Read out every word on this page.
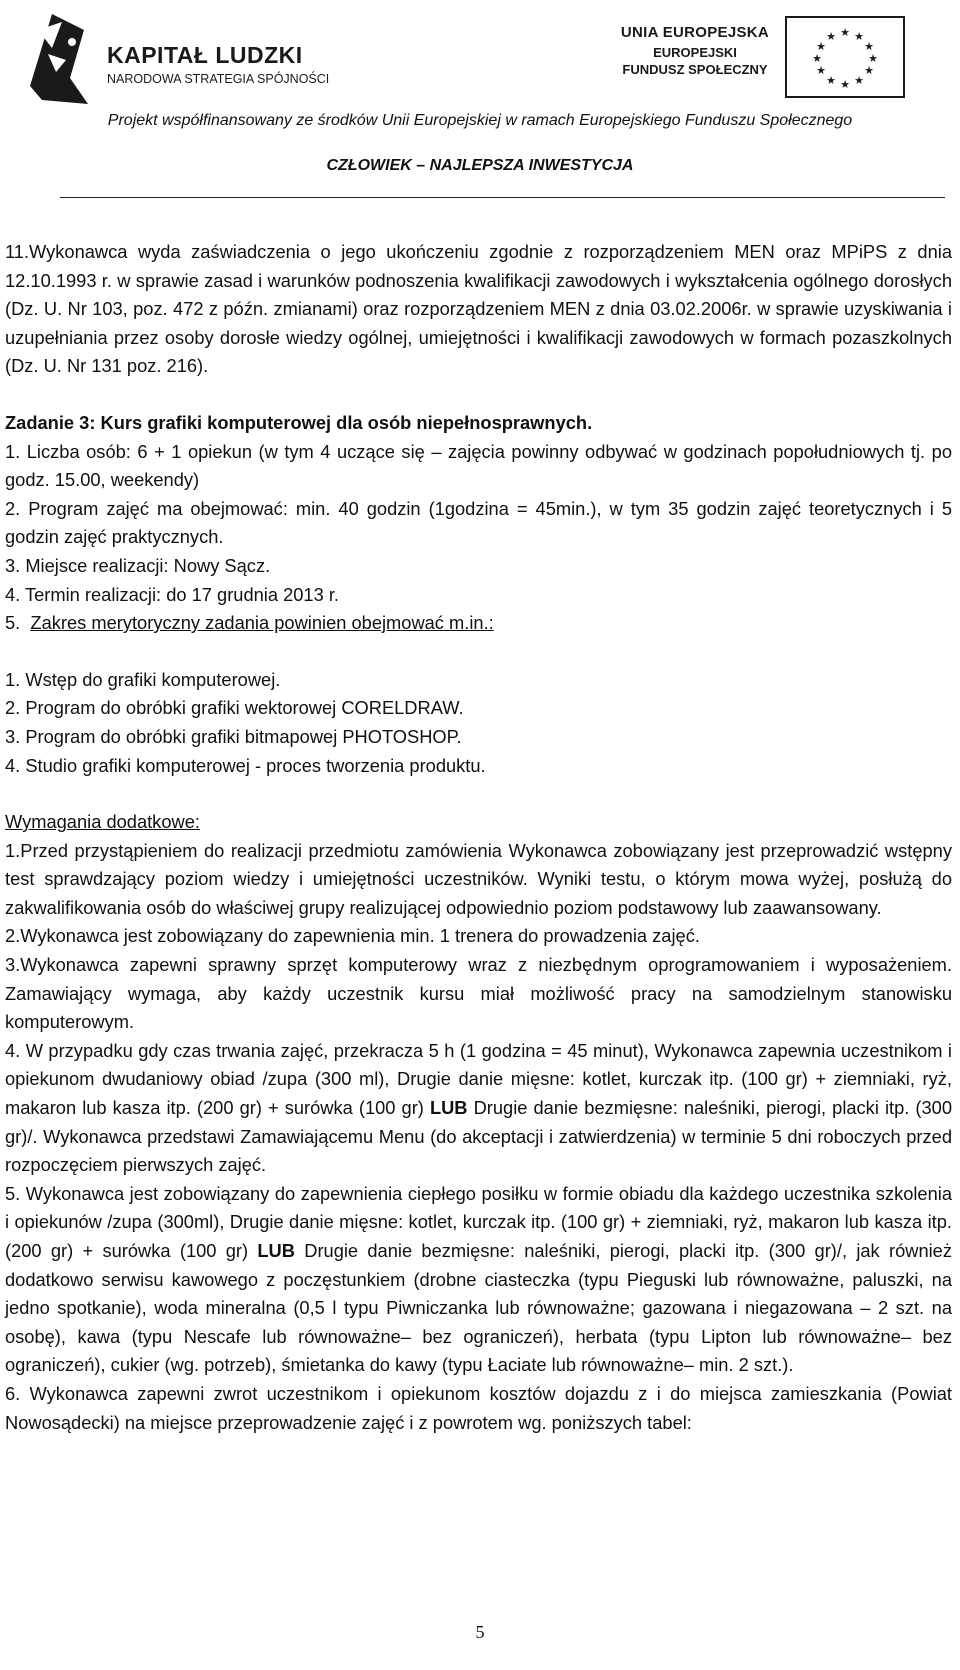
KAPITAŁ LUDZKI
NARODOWA STRATEGIA SPÓJNOŚCI
UNIA EUROPEJSKA
EUROPEJSKI
FUNDUSZ SPOŁECZNY
★ ★
★
★
★
★
★
★
★
★
★
★
Projekt współfinansowany ze środków Unii Europejskiej w ramach Europejskiego Funduszu Społecznego
CZŁOWIEK – NAJLEPSZA INWESTYCJA

11.Wykonawca wyda zaświadczenia o jego ukończeniu zgodnie z rozporządzeniem MEN oraz MPiPS z dnia 12.10.1993 r. w sprawie zasad i warunków podnoszenia kwalifikacji zawodowych i wykształcenia ogólnego dorosłych (Dz. U. Nr 103, poz. 472 z późn. zmianami) oraz rozporządzeniem MEN z dnia 03.02.2006r. w sprawie uzyskiwania i uzupełniania przez osoby dorosłe wiedzy ogólnej, umiejętności i kwalifikacji zawodowych w formach pozaszkolnych (Dz. U. Nr 131 poz. 216).

Zadanie 3: Kurs grafiki komputerowej dla osób niepełnosprawnych.

1. Liczba osób: 6 + 1 opiekun (w tym 4 uczące się – zajęcia powinny odbywać w godzinach popołudniowych tj. po godz. 15.00, weekendy)

2. Program zajęć ma obejmować: min. 40 godzin (1godzina = 45min.), w tym 35 godzin zajęć teoretycznych i 5 godzin zajęć praktycznych.

3. Miejsce realizacji: Nowy Sącz.

4. Termin realizacji: do 17 grudnia 2013 r.

5.  Zakres merytoryczny zadania powinien obejmować m.in.:

1. Wstęp do grafiki komputerowej.

2. Program do obróbki grafiki wektorowej CORELDRAW.

3. Program do obróbki grafiki bitmapowej PHOTOSHOP.

4. Studio grafiki komputerowej - proces tworzenia produktu.

Wymagania dodatkowe:

1.Przed przystąpieniem do realizacji przedmiotu zamówienia Wykonawca zobowiązany jest przeprowadzić wstępny test sprawdzający poziom wiedzy i umiejętności uczestników. Wyniki testu, o którym mowa wyżej, posłużą do zakwalifikowania osób do właściwej grupy realizującej odpowiednio poziom podstawowy lub zaawansowany.

2.Wykonawca jest zobowiązany do zapewnienia min. 1 trenera do prowadzenia zajęć.

3.Wykonawca zapewni sprawny sprzęt komputerowy wraz z niezbędnym oprogramowaniem i wyposażeniem. Zamawiający wymaga, aby każdy uczestnik kursu miał możliwość pracy na samodzielnym stanowisku komputerowym.

4. W przypadku gdy czas trwania zajęć, przekracza 5 h (1 godzina = 45 minut), Wykonawca zapewnia uczestnikom i opiekunom dwudaniowy obiad /zupa (300 ml), Drugie danie mięsne: kotlet, kurczak itp. (100 gr) + ziemniaki, ryż, makaron lub kasza itp. (200 gr) + surówka (100 gr) LUB Drugie danie bezmięsne: naleśniki, pierogi, placki itp. (300 gr)/. Wykonawca przedstawi Zamawiającemu Menu (do akceptacji i zatwierdzenia) w terminie 5 dni roboczych przed rozpoczęciem pierwszych zajęć.

5. Wykonawca jest zobowiązany do zapewnienia ciepłego posiłku w formie obiadu dla każdego uczestnika szkolenia i opiekunów /zupa (300ml), Drugie danie mięsne: kotlet, kurczak itp. (100 gr) + ziemniaki, ryż, makaron lub kasza itp. (200 gr) + surówka (100 gr) LUB Drugie danie bezmięsne: naleśniki, pierogi, placki itp. (300 gr)/, jak również dodatkowo serwisu kawowego z poczęstunkiem (drobne ciasteczka (typu Pieguski lub równoważne, paluszki, na jedno spotkanie), woda mineralna (0,5 l typu Piwniczanka lub równoważne; gazowana i niegazowana – 2 szt. na osobę), kawa (typu Nescafe lub równoważne– bez ograniczeń), herbata (typu Lipton lub równoważne– bez ograniczeń), cukier (wg. potrzeb), śmietanka do kawy (typu Łaciate lub równoważne– min. 2 szt.).

6. Wykonawca zapewni zwrot uczestnikom i opiekunom kosztów dojazdu z i do miejsca zamieszkania (Powiat Nowosądecki) na miejsce przeprowadzenie zajęć i z powrotem wg. poniższych tabel:

5
